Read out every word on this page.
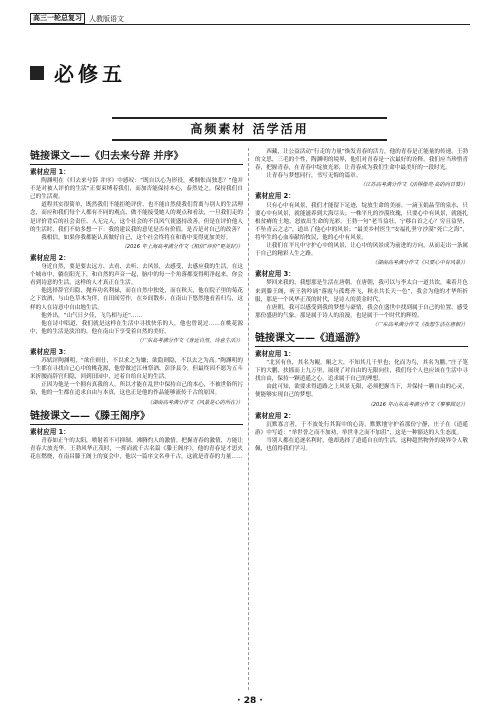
高三一轮总复习	人教版语文
必修五
高频素材 活学活用
链接课文——《归去来兮辞 并序》
素材应用 1：

陶渊明在《归去来兮辞 并序》中感叹：“既自以心为形役，奚惆怅而独悲？”他并不是对被人评价的生活“正要束缚着我们，而加否能保持本心，泰然处之，保持我们自己的生活观。

道程其实很简单，既然我们不能拒绝评价，也不能自然使我们背离与别人的生活理念，而应和我们每个人都有不同的观点、做不能接受她人的观点和看法，一旦我们走的是评价背后的社会责任、人无完人，这个社会的不良风气使盛持改善，但是在评价他人的生活时，我们不妨多想一下：我的建议我的意见是否有价值，是否是对自己的改善？

我相信，如果你我都能认真做好自己，这个社会终将在和谐中变得更加美好。

（2016 年上海高考满分作文《相信“评价”更美好》）
素材应用 2：

身近自然，要是要去远方、去看、去听、去风景，去感受，去感应我的生活，在这个城市中，躺在阳光下，和自然的声音一起，脑中的每一个角落都变得明净起来，你会看到诗意的生活，这样的人才真正在生活。

他选择辞官归隐，抛弃功名利禄，而在自然中独处，而在秋天，他在院子里的菊花之下饮酒，与山色草木为伴，在田间劳作，在乡间散步，在南山下悠然地看着归鸟，这样的人在诗意中自由地生活。

他外出，“山气日夕佳，飞鸟相与还”……

他在诗中唱道，我们就是这样在生活中寻找快乐的人，他也曾说过……在桃花源中，他的生活是淡泊的，他在南山下享受着自然的美好。

（广东高考满分作文《身近自然，诗意生活》）
素材应用 3：

苏轼评陶渊明，“欲仕则仕，不以求之为嫌；欲隐则隐，不以去之为高。”陶渊明的一生都在寻找自己心中的桃花源，他曾做过江州祭酒、彭泽县令，但最终因不愿为五斗米折腰而辞官归隐，回到田园中，过着自给自足的生活。

正因为他是一个拥有真我的人，所以才能在乱世中保持自己的本心，不被世俗所污染，他的一生都在追求自由与本真，这也正是他的作品能够流传千古的原因。

（湖南高考满分作文《风景是心的所在》）
链接课文——《滕王阁序》
素材应用 1：

青春如正午的太阳，喷射着不可抑制、沸腾灼人的激情。把握青春的激情，方能让青春大放光华。王勃风华正茂时，一挥而就千古名篇《滕王阁序》，他的青春是才思火花在燃烧，在南昌滕王阁上的宴会中，他以一篇序文名垂千古，这就是青春的力量……

西藏，让公益活动“行走的力量”焕发青春的活力，他的青春是正能量的传递。王勃的文思，三毛的个性，陶渊明的境界，他们对青春是一次最好的诠释。我们应当珍惜青春，把握青春，在青春中绽放光彩，让青春成为我们生命中最美好的一段时光。

让青春与梦想同行，书写无悔的篇章。

（江苏高考满分作文《活得像壳·高的向日葵》）
素材应用 2：

只有心中有风景，我们才能留下足迹，绽放生命的美丽。一滴玉娟晶莹的泉水，只要心中有风景，就能滋养到大海尽头；一株平凡的沙漠玫瑰，只要心中有风景，就能扎根贫瘠的土地，怒放出生命的光彩。王勃一句“老当益壮，宁移白首之心？穷且益坚，不坠青云之志”，道出了他心中的风景；“最美乡村医生”安福扎坚守沙漠“死亡之海”，将毕生的心血奉献给牧民，他的心中有风景。

让我们在平凡中守护心中的风景，让心中的风景成为前进的方向，从而走出一条属于自己的精彩人生之路。

（湖南高考满分作文《只要心中有风景》）
素材应用 3：

梦回来我的，我想那是生活在唐朝。在唐朝，我可以与李太白一道共饮，乘着月色来到滕王阁，听王勃吟诵“落霞与孤鹜齐飞，秋水共长天一色”，我会为他的才华所折服，那是一个风华正茂的时代，是诗人的黄金时代。

在唐朝，我可以感受到我的梦想与豪情，我会在盛世中找到属于自己的位置，感受那份盛唐的气象，那是属于诗人的浪漫，也是属于一个时代的辉煌。

（广东高考满分作文《我想生活在唐朝》）
链接课文——《逍遥游》
素材应用 1：

“北冥有鱼，其名为鲲。鲲之大，不知其几千里也；化而为鸟，其名为鹏。”庄子笔下的大鹏，扶摇而上九万里，展现了对自由的无限向往，我们每个人也应该在生活中寻找自由，保持一颗逍遥之心，追求属于自己的理想。

由此可知，欲要求得道路之上风景无限，必须把握当下，并保持一颗自由的心灵，便能够实现自己的梦想。

（2016 年山东高考满分作文《事事圆足》）
素材应用 2：

沉默寡言者，于不波处行其海中的心涛，默默地守护着那份宁静，庄子在《逍遥游》中写道：“举世誉之而不加劝，举世非之而不加沮”，这是一种豁达的人生态度。

当别人都在追逐名利时，他却选择了逍遥自在的生活，这种超然物外的境界令人敬佩，也值得我们学习。

· 28 ·
